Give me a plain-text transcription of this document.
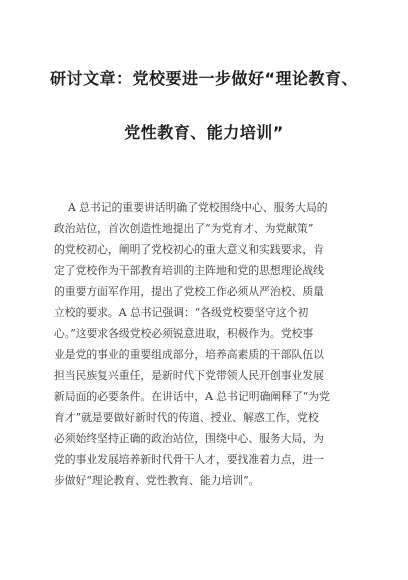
研讨文章：党校要进一步做好“理论教育、
党性教育、能力培训”
A 总书记的重要讲话明确了党校围绕中心、服务大局的
政治站位，首次创造性地提出了“为党育才、为党献策”
的党校初心，阐明了党校初心的重大意义和实践要求，肯
定了党校作为干部教育培训的主阵地和党的思想理论战线
的重要方面军作用，提出了党校工作必须从严治校、质量
立校的要求。A 总书记强调：“各级党校要坚守这个初
心。”这要求各级党校必须锐意进取，积极作为。党校事
业是党的事业的重要组成部分，培养高素质的干部队伍以
担当民族复兴重任，是新时代下党带领人民开创事业发展
新局面的必要条件。在讲话中，A 总书记明确阐释了“为党
育才”就是要做好新时代的传道、授业、解惑工作，党校
必须始终坚持正确的政治站位，围绕中心、服务大局，为
党的事业发展培养新时代骨干人才，要找准着力点，进一
步做好“理论教育、党性教育、能力培训”。
